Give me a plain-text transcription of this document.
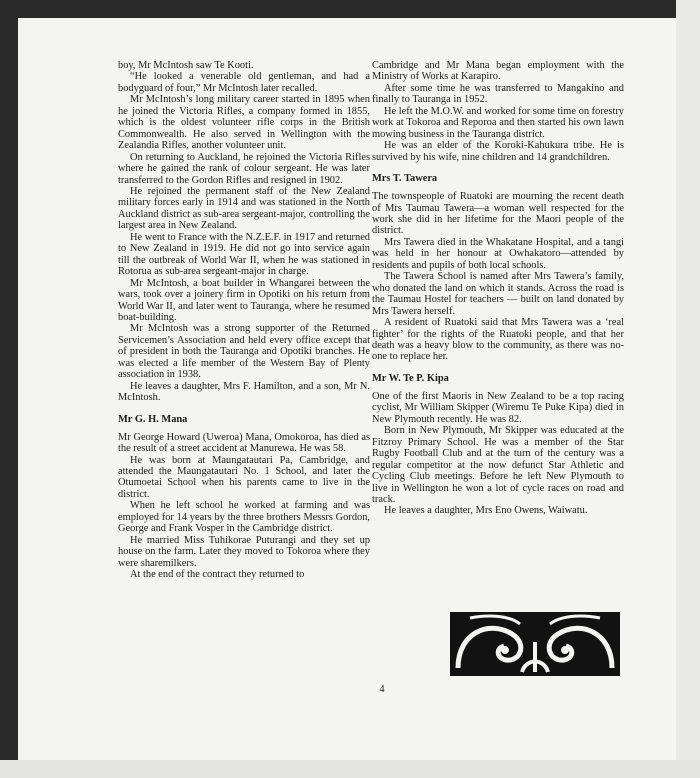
boy, Mr McIntosh saw Te Kooti.

“He looked a venerable old gentleman, and had a bodyguard of four,” Mr McIntosh later recalled.

Mr McIntosh’s long military career started in 1895 when he joined the Victoria Rifles, a company formed in 1855, which is the oldest volunteer rifle corps in the British Commonwealth. He also served in Wellington with the Zealandia Rifles, another volunteer unit.

On returning to Auckland, he rejoined the Victoria Rifles where he gained the rank of colour sergeant. He was later transferred to the Gordon Rifles and resigned in 1902.

He rejoined the permanent staff of the New Zealand military forces early in 1914 and was stationed in the North Auckland district as sub-area sergeant-major, controlling the largest area in New Zealand.

He went to France with the N.Z.E.F. in 1917 and returned to New Zealand in 1919. He did not go into service again till the outbreak of World War II, when he was stationed in Rotorua as sub-area sergeant-major in charge.

Mr McIntosh, a boat builder in Whangarei between the wars, took over a joinery firm in Opotiki on his return from World War II, and later went to Tauranga, where he resumed boat-building.

Mr McIntosh was a strong supporter of the Returned Servicemen’s Association and held every office except that of president in both the Tauranga and Opotiki branches. He was elected a life member of the Western Bay of Plenty association in 1938.

He leaves a daughter, Mrs F. Hamilton, and a son, Mr N. McIntosh.

Mr G. H. Mana

Mr George Howard (Uweroa) Mana, Omokoroa, has died as the result of a street accident at Manurewa. He was 58.

He was born at Maungatautari Pa, Cambridge, and attended the Maungatautari No. 1 School, and later the Otumoetai School when his parents came to live in the district.

When he left school he worked at farming and was employed for 14 years by the three brothers Messrs Gordon, George and Frank Vosper in the Cambridge district.

He married Miss Tuhikorae Puturangi and they set up house on the farm. Later they moved to Tokoroa where they were sharemilkers.

At the end of the contract they returned to

Cambridge and Mr Mana began employment with the Ministry of Works at Karapiro.

After some time he was transferred to Mangakino and finally to Tauranga in 1952.

He left the M.O.W. and worked for some time on forestry work at Tokoroa and Reporoa and then started his own lawn mowing business in the Tauranga district.

He was an elder of the Koroki-Kahukura tribe. He is survived by his wife, nine children and 14 grandchildren.

Mrs T. Tawera

The townspeople of Ruatoki are mourning the recent death of Mrs Taumau Tawera—a woman well respected for the work she did in her lifetime for the Maori people of the district.

Mrs Tawera died in the Whakatane Hospital, and a tangi was held in her honour at Owhakatoro—attended by residents and pupils of both local schools.

The Tawera School is named after Mrs Tawera’s family, who donated the land on which it stands. Across the road is the Taumau Hostel for teachers — built on land donated by Mrs Tawera herself.

A resident of Ruatoki said that Mrs Tawera was a ‘real fighter’ for the rights of the Ruatoki people, and that her death was a heavy blow to the community, as there was no-one to replace her.

Mr W. Te P. Kipa

One of the first Maoris in New Zealand to be a top racing cyclist, Mr William Skipper (Wiremu Te Puke Kipa) died in New Plymouth recently. He was 82.

Born in New Plymouth, Mr Skipper was educated at the Fitzroy Primary School. He was a member of the Star Rugby Football Club and at the turn of the century was a regular competitor at the now defunct Star Athletic and Cycling Club meetings. Before he left New Plymouth to live in Wellington he won a lot of cycle races on road and track.

He leaves a daughter, Mrs Eno Owens, Waiwatu.

4
